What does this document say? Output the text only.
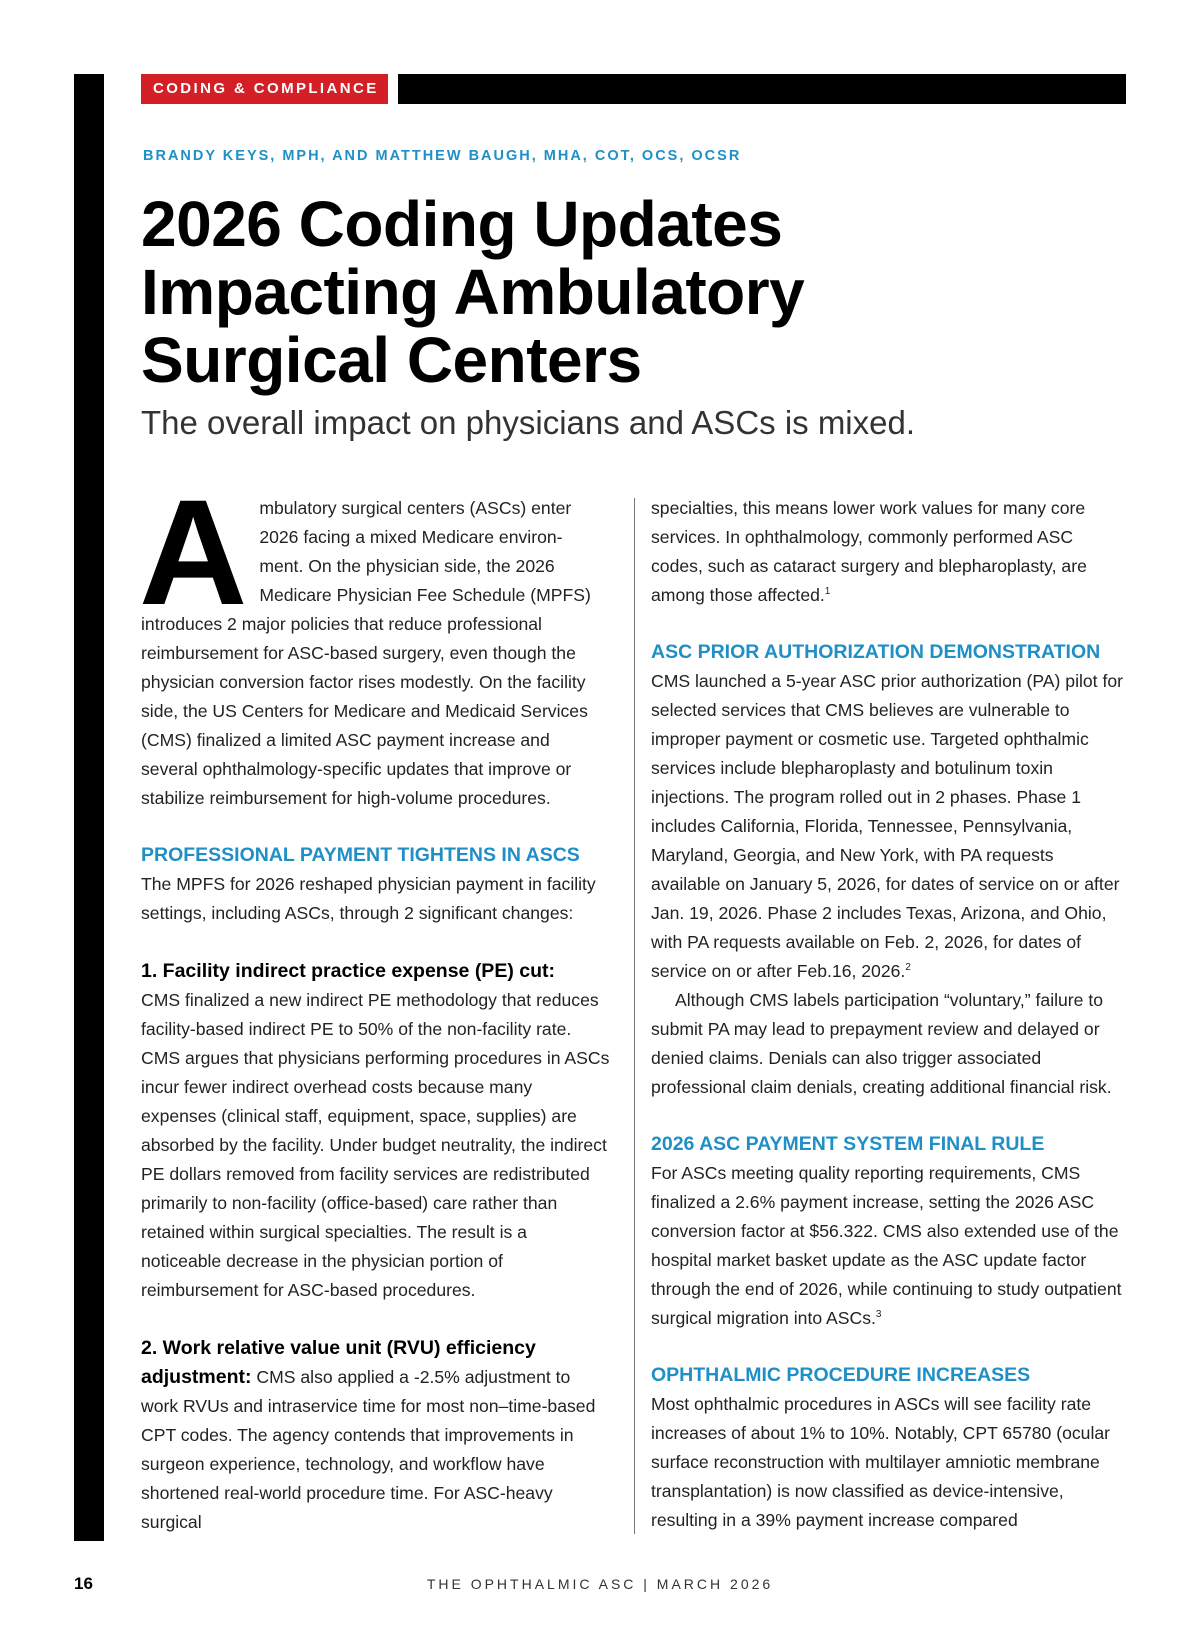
CODING & COMPLIANCE
BRANDY KEYS, MPH, AND MATTHEW BAUGH, MHA, COT, OCS, OCSR
2026 Coding Updates
Impacting Ambulatory
Surgical Centers

The overall impact on physicians and ASCs is mixed.

Ambulatory surgical centers (ASCs) enter
2026 facing a mixed Medicare environ-
ment. On the physician side, the 2026
Medicare Physician Fee Schedule (MPFS)
introduces 2 major policies that reduce professional reimbursement for ASC-based surgery, even though the physician conversion factor rises modestly. On the facility side, the US Centers for Medicare and Medicaid Services (CMS) finalized a limited ASC payment increase and several ophthalmology-specific updates that improve or stabilize reimbursement for high-volume procedures.

PROFESSIONAL PAYMENT TIGHTENS IN ASCS

The MPFS for 2026 reshaped physician payment in facility settings, including ASCs, through 2 significant changes:

1. Facility indirect practice expense (PE) cut:
CMS finalized a new indirect PE methodology that reduces facility-based indirect PE to 50% of the non-facility rate. CMS argues that physicians performing procedures in ASCs incur fewer indirect overhead costs because many expenses (clinical staff, equipment, space, supplies) are absorbed by the facility. Under budget neutrality, the indirect PE dollars removed from facility services are redistributed primarily to non-facility (office-based) care rather than retained within surgical specialties. The result is a noticeable decrease in the physician portion of reimbursement for ASC-based procedures.

2. Work relative value unit (RVU) efficiency adjustment: CMS also applied a -2.5% adjustment to work RVUs and intraservice time for most non–time-based CPT codes. The agency contends that improvements in surgeon experience, technology, and workflow have shortened real-world procedure time. For ASC-heavy surgical

specialties, this means lower work values for many core services. In ophthalmology, commonly performed ASC codes, such as cataract surgery and blepharoplasty, are among those affected.$^1$

ASC PRIOR AUTHORIZATION DEMONSTRATION

CMS launched a 5-year ASC prior authorization (PA) pilot for selected services that CMS believes are vulnerable to improper payment or cosmetic use. Targeted ophthalmic services include blepharoplasty and botulinum toxin injections. The program rolled out in 2 phases. Phase 1 includes California, Florida, Tennessee, Pennsylvania, Maryland, Georgia, and New York, with PA requests available on January 5, 2026, for dates of service on or after Jan. 19, 2026. Phase 2 includes Texas, Arizona, and Ohio, with PA requests available on Feb. 2, 2026, for dates of service on or after Feb.16, 2026.$^2$

Although CMS labels participation “voluntary,” failure to submit PA may lead to prepayment review and delayed or denied claims. Denials can also trigger associated professional claim denials, creating additional financial risk.

2026 ASC PAYMENT SYSTEM FINAL RULE

For ASCs meeting quality reporting requirements, CMS finalized a 2.6% payment increase, setting the 2026 ASC conversion factor at $56.322. CMS also extended use of the hospital market basket update as the ASC update factor through the end of 2026, while continuing to study outpatient surgical migration into ASCs.$^3$

OPHTHALMIC PROCEDURE INCREASES

Most ophthalmic procedures in ASCs will see facility rate increases of about 1% to 10%. Notably, CPT 65780 (ocular surface reconstruction with multilayer amniotic membrane transplantation) is now classified as device-intensive, resulting in a 39% payment increase compared

16	THE OPHTHALMIC ASC | MARCH 2026
